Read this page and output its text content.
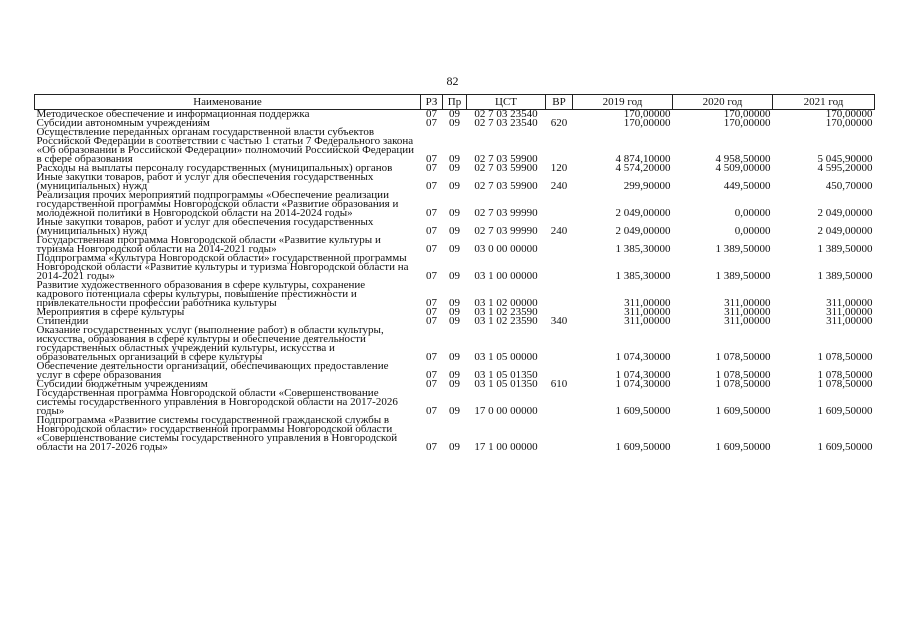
82
Наименование	РЗ	Пр	ЦСТ	ВР	2019 год	2020 год	2021 год
Методическое обеспечение и информационная поддержка	07	09	02 7 03 23540		170,00000	170,00000	170,00000
Субсидии автономным учреждениям	07	09	02 7 03 23540	620	170,00000	170,00000	170,00000
Осуществление переданных органам государственной власти субъектов Российской Федерации в соответствии с частью 1 статьи 7 Федерального закона «Об образовании в Российской Федерации» полномочий Российской Федерации в сфере образования	07	09	02 7 03 59900		4 874,10000	4 958,50000	5 045,90000
Расходы на выплаты персоналу государственных (муниципальных) органов	07	09	02 7 03 59900	120	4 574,20000	4 509,00000	4 595,20000
Иные закупки товаров, работ и услуг для обеспечения государственных (муниципальных) нужд	07	09	02 7 03 59900	240	299,90000	449,50000	450,70000
Реализация прочих мероприятий подпрограммы «Обеспечение реализации государственной программы Новгородской области «Развитие образования и молодежной политики в Новгородской области на 2014-2024 годы»	07	09	02 7 03 99990		2 049,00000	0,00000	2 049,00000
Иные закупки товаров, работ и услуг для обеспечения государственных (муниципальных) нужд	07	09	02 7 03 99990	240	2 049,00000	0,00000	2 049,00000
Государственная программа Новгородской области «Развитие культуры и туризма Новгородской области на 2014-2021 годы»	07	09	03 0 00 00000		1 385,30000	1 389,50000	1 389,50000
Подпрограмма «Культура Новгородской области» государственной программы Новгородской области «Развитие культуры и туризма Новгородской области на 2014-2021 годы»	07	09	03 1 00 00000		1 385,30000	1 389,50000	1 389,50000
Развитие художественного образования в сфере культуры, сохранение кадрового потенциала сферы культуры, повышение престижности и привлекательности профессии работника культуры	07	09	03 1 02 00000		311,00000	311,00000	311,00000
Мероприятия в сфере культуры	07	09	03 1 02 23590		311,00000	311,00000	311,00000
Стипендии	07	09	03 1 02 23590	340	311,00000	311,00000	311,00000
Оказание государственных услуг (выполнение работ) в области культуры, искусства, образования в сфере культуры и обеспечение деятельности государственных областных учреждений культуры, искусства и образовательных организаций в сфере культуры	07	09	03 1 05 00000		1 074,30000	1 078,50000	1 078,50000
Обеспечение деятельности организаций, обеспечивающих предоставление услуг в сфере образования	07	09	03 1 05 01350		1 074,30000	1 078,50000	1 078,50000
Субсидии бюджетным учреждениям	07	09	03 1 05 01350	610	1 074,30000	1 078,50000	1 078,50000
Государственная программа Новгородской области «Совершенствование системы государственного управления в Новгородской области на 2017-2026 годы»	07	09	17 0 00 00000		1 609,50000	1 609,50000	1 609,50000
Подпрограмма «Развитие системы государственной гражданской службы в Новгородской области» государственной программы Новгородской области «Совершенствование системы государственного управления в Новгородской области на 2017-2026 годы»	07	09	17 1 00 00000		1 609,50000	1 609,50000	1 609,50000
